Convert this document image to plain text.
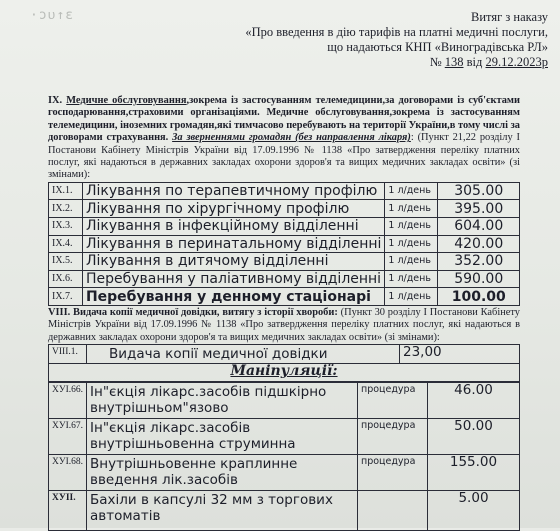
·ɔᴜ↑ɛ	Витяг з наказу
«Про введення в дію тарифів на платні медичні послуги,
що надаються КНП «Виноградівська РЛ»
№ 138 від 29.12.2023р
IX. Медичне обслуговування,зокрема із застосуванням телемедицини,за договорами із суб'єктами господарювання,страховими організаціями. Медичне обслуговування,зокрема із застосуванням телемедицини, іноземних громадян,які тимчасово перебувають на території України,в тому числі за договорами страхування. За зверненнями громадян (без направлення лікаря): (Пункт 21,22 розділу I Постанови Кабінету Міністрів України від 17.09.1996 № 1138 «Про затвердження переліку платних послуг, які надаються в державних закладах охорони здоров'я та вищих медичних закладах освіти» (зі змінами):
IX.1.	Лікування по терапевтичному профілю	1 л/день	305.00
IX.2.	Лікування по хірургічному профілю	1 л/день	395.00
IX.3.	Лікування в інфекційному відділенні	1 л/день	604.00
IX.4.	Лікування в перинатальному відділенні	1 л/день	420.00
IX.5.	Лікування в дитячому відділенні	1 л/день	352.00
IX.6.	Перебування у паліативному відділенні	1 л/день	590.00
IX.7.	Перебування у денному стаціонарі	1 л/день	100.00
VIII. Видача копії медичної довідки, витягу з історії хвороби: (Пункт 30 розділу I Постанови Кабінету Міністрів України від 17.09.1996 № 1138 «Про затвердження переліку платних послуг, які надаються в державних закладах охорони здоров'я та вищих медичних закладах освіти» (зі змінами):
VIII.1.	Видача копії медичної довідки	23,00
Маніпуляції:
ХУІ.66.	Ін"єкція лікарс.засобів підшкірно внутрішньом"язово	процедура	46.00
ХУІ.67.	Ін"єкція лікарс.засобів внутрішньовенна струминна	процедура	50.00
ХУІ.68.	Внутрішньовенне краплинне введення лік.засобів	процедура	155.00
ХУІІ.	Бахіли в капсулі 32 мм з торгових автоматів		5.00
